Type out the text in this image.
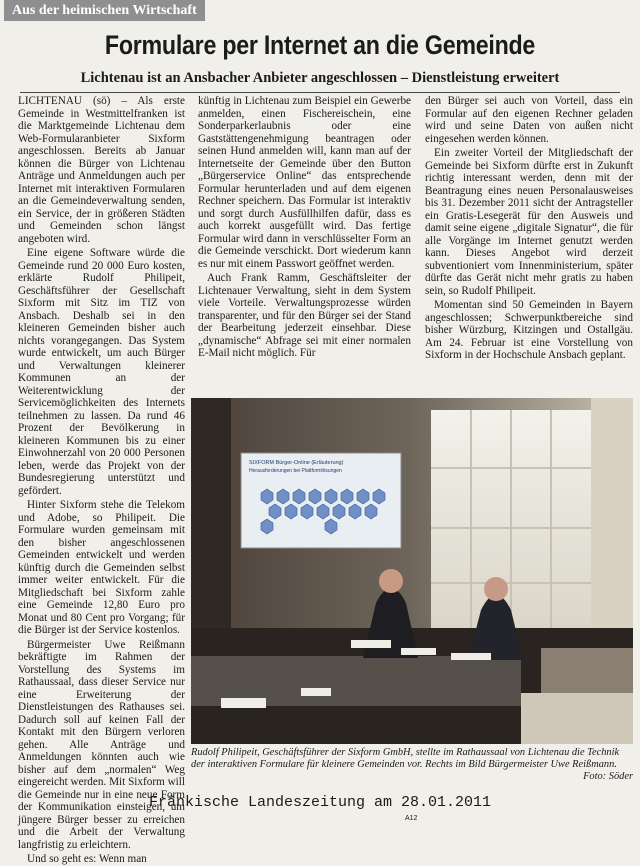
Aus der heimischen Wirtschaft
Formulare per Internet an die Gemeinde
Lichtenau ist an Ansbacher Anbieter angeschlossen – Dienstleistung erweitert

LICHTENAU (sö) – Als erste Gemeinde in Westmittelfranken ist die Marktgemeinde Lichtenau dem Web-Formularanbieter Sixform angeschlossen. Bereits ab Januar können die Bürger von Lichtenau Anträge und Anmeldungen auch per Internet mit interaktiven Formularen an die Gemeindeverwaltung senden, ein Service, der in größeren Städten und Gemeinden schon längst angeboten wird.

Eine eigene Software würde die Gemeinde rund 20 000 Euro kosten, erklärte Rudolf Philipeit, Geschäftsführer der Gesellschaft Sixform mit Sitz im TIZ von Ansbach. Deshalb sei in den kleineren Gemeinden bisher auch nichts vorangegangen. Das System wurde entwickelt, um auch Bürger und Verwaltungen kleinerer Kommunen an der Weiterentwicklung der Servicemöglichkeiten des Internets teilnehmen zu lassen. Da rund 46 Prozent der Bevölkerung in kleineren Kommunen bis zu einer Einwohnerzahl von 20 000 Personen leben, werde das Projekt von der Bundesregierung unterstützt und gefördert.

Hinter Sixform stehe die Telekom und Adobe, so Philipeit. Die Formulare wurden gemeinsam mit den bisher angeschlossenen Gemeinden entwickelt und werden künftig durch die Gemeinden selbst immer weiter entwickelt. Für die Mitgliedschaft bei Sixform zahle eine Gemeinde 12,80 Euro pro Monat und 80 Cent pro Vorgang; für die Bürger ist der Service kostenlos.

Bürgermeister Uwe Reißmann bekräftigte im Rahmen der Vorstellung des Systems im Rathaussaal, dass dieser Service nur eine Erweiterung der Dienstleistungen des Rathauses sei. Dadurch soll auf keinen Fall der Kontakt mit den Bürgern verloren gehen. Alle Anträge und Anmeldungen könnten auch wie bisher auf dem „normalen“ Weg eingereicht werden. Mit Sixform will die Gemeinde nur in eine neue Form der Kommunikation einsteigen, um jüngere Bürger besser zu erreichen und die Arbeit der Verwaltung langfristig zu erleichtern.

Und so geht es: Wenn man

künftig in Lichtenau zum Beispiel ein Gewerbe anmelden, einen Fischereischein, eine Sonderparkerlaubnis oder eine Gaststättengenehmigung beantragen oder seinen Hund anmelden will, kann man auf der Internetseite der Gemeinde über den Button „Bürgerservice Online“ das entsprechende Formular herunterladen und auf dem eigenen Rechner speichern. Das Formular ist interaktiv und sorgt durch Ausfüllhilfen dafür, dass es auch korrekt ausgefüllt wird. Das fertige Formular wird dann in verschlüsselter Form an die Gemeinde verschickt. Dort wiederum kann es nur mit einem Passwort geöffnet werden.

Auch Frank Ramm, Geschäftsleiter der Lichtenauer Verwaltung, sieht in dem System viele Vorteile. Verwaltungsprozesse würden transparenter, und für den Bürger sei der Stand der Bearbeitung jederzeit einsehbar. Diese „dynamische“ Abfrage sei mit einer normalen E-Mail nicht möglich. Für

den Bürger sei auch von Vorteil, dass ein Formular auf den eigenen Rechner geladen wird und seine Daten von außen nicht eingesehen werden können.

Ein zweiter Vorteil der Mitgliedschaft der Gemeinde bei Sixform dürfte erst in Zukunft richtig interessant werden, denn mit der Beantragung eines neuen Personalausweises bis 31. Dezember 2011 sicht der Antragsteller ein Gratis-Lesegerät für den Ausweis und damit seine eigene „digitale Signatur“, die für alle Vorgänge im Internet genutzt werden kann. Dieses Angebot wird derzeit subventioniert vom Innenministerium, später dürfte das Gerät nicht mehr gratis zu haben sein, so Rudolf Philipeit.

Momentan sind 50 Gemeinden in Bayern angeschlossen; Schwerpunktbereiche sind bisher Würzburg, Kitzingen und Ostallgäu. Am 24. Februar ist eine Vorstellung von Sixform in der Hochschule Ansbach geplant.

SIXFORM Bürger-Online (Erläuterung)
Herausforderungen bei Plattformlösungen
Rudolf Philipeit, Geschäftsführer der Sixform GmbH, stellte im Rathaussaal von Lichtenau die Technik der interaktiven Formulare für kleinere Gemeinden vor. Rechts im Bild Bürgermeister Uwe Reißmann.
Foto: Söder
Fränkische Landeszeitung am 28.01.2011
A12
